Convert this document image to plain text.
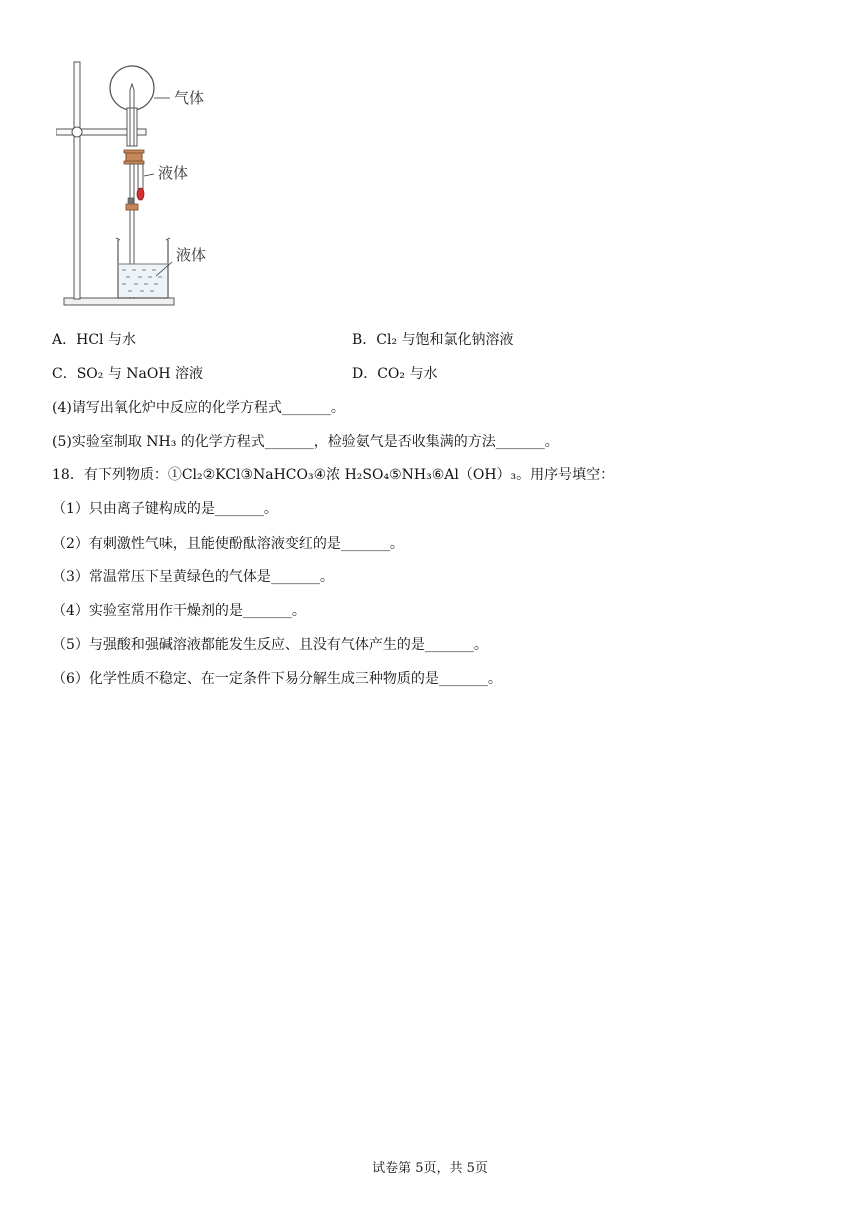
气体
液体
液体
A．HCl 与水	B．Cl₂ 与饱和氯化钠溶液
C．SO₂ 与 NaOH 溶液	D．CO₂ 与水
(4)请写出氧化炉中反应的化学方程式_______。
(5)实验室制取 NH₃ 的化学方程式_______，检验氨气是否收集满的方法_______。
18．有下列物质：①Cl₂②KCl③NaHCO₃④浓 H₂SO₄⑤NH₃⑥Al（OH）₃。用序号填空：
（1）只由离子键构成的是_______。
（2）有刺激性气味，且能使酚酞溶液变红的是_______。
（3）常温常压下呈黄绿色的气体是_______。
（4）实验室常用作干燥剂的是_______。
（5）与强酸和强碱溶液都能发生反应、且没有气体产生的是_______。
（6）化学性质不稳定、在一定条件下易分解生成三种物质的是_______。
试卷第 5页，共 5页
